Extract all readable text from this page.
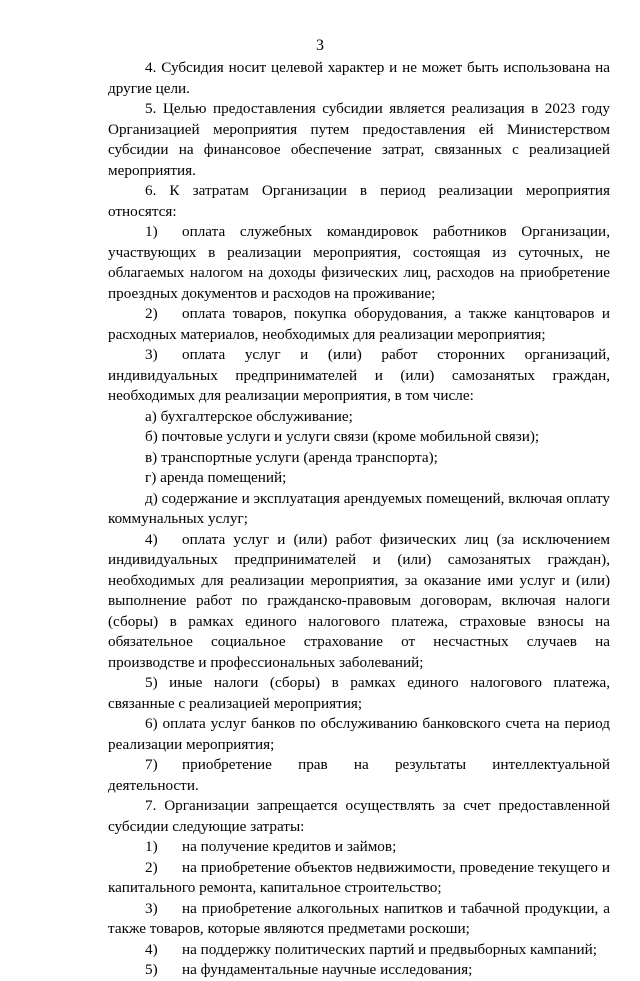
3

4. Субсидия носит целевой характер и не может быть использована на другие цели.

5. Целью предоставления субсидии является реализация в 2023 году Организацией мероприятия путем предоставления ей Министерством субсидии на финансовое обеспечение затрат, связанных с реализацией мероприятия.

6. К затратам Организации в период реализации мероприятия относятся:

1) оплата служебных командировок работников Организации, участвующих в реализации мероприятия, состоящая из суточных, не облагаемых налогом на доходы физических лиц, расходов на приобретение проездных документов и расходов на проживание;

2) оплата товаров, покупка оборудования, а также канцтоваров и расходных материалов, необходимых для реализации мероприятия;

3) оплата услуг и (или) работ сторонних организаций, индивидуальных предпринимателей и (или) самозанятых граждан, необходимых для реализации мероприятия, в том числе:

а) бухгалтерское обслуживание;

б) почтовые услуги и услуги связи (кроме мобильной связи);

в) транспортные услуги (аренда транспорта);

г) аренда помещений;

д) содержание и эксплуатация арендуемых помещений, включая оплату коммунальных услуг;

4) оплата услуг и (или) работ физических лиц (за исключением индивидуальных предпринимателей и (или) самозанятых граждан), необходимых для реализации мероприятия, за оказание ими услуг и (или) выполнение работ по гражданско-правовым договорам, включая налоги (сборы) в рамках единого налогового платежа, страховые взносы на обязательное социальное страхование от несчастных случаев на производстве и профессиональных заболеваний;

5) иные налоги (сборы) в рамках единого налогового платежа, связанные с реализацией мероприятия;

6) оплата услуг банков по обслуживанию банковского счета на период реализации мероприятия;

7) приобретение прав на результаты интеллектуальной деятельности.

7. Организации запрещается осуществлять за счет предоставленной субсидии следующие затраты:

1) на получение кредитов и займов;

2) на приобретение объектов недвижимости, проведение текущего и капитального ремонта, капитальное строительство;

3) на приобретение алкогольных напитков и табачной продукции, а также товаров, которые являются предметами роскоши;

4) на поддержку политических партий и предвыборных кампаний;

5) на фундаментальные научные исследования;
